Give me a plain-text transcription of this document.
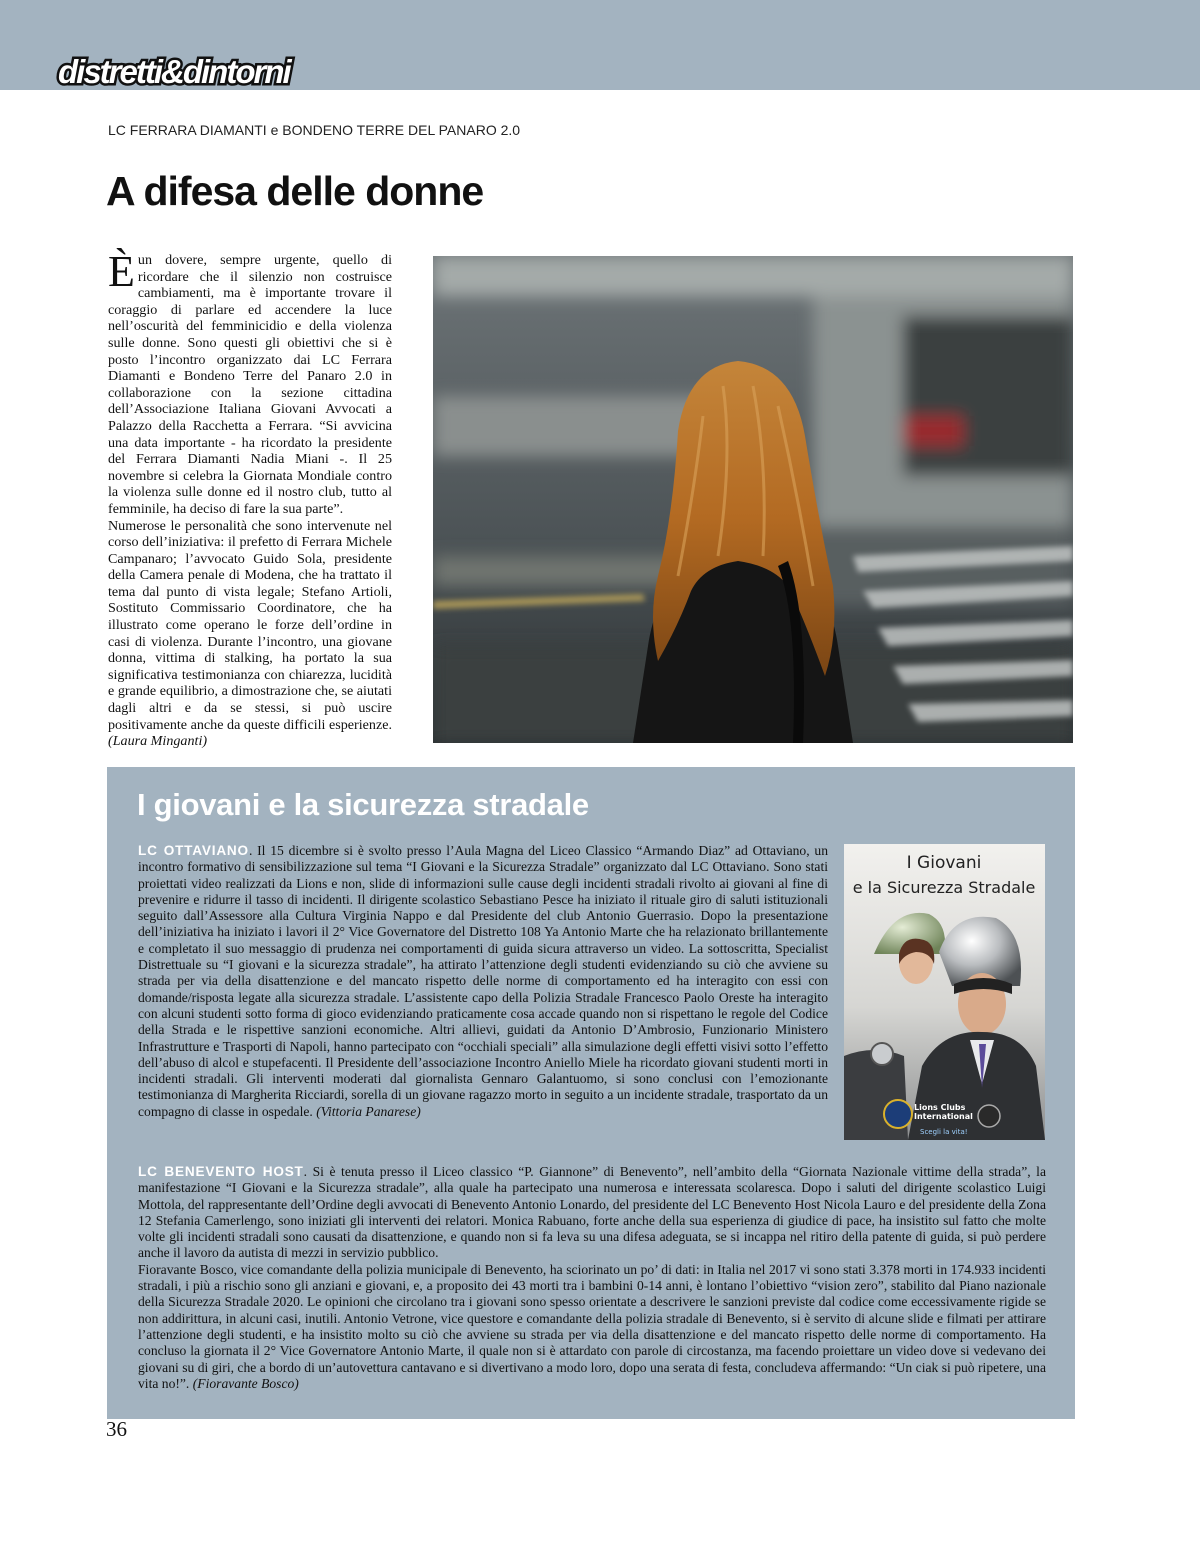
distretti&dintorni
LC FERRARA DIAMANTI e BONDENO TERRE DEL PANARO 2.0
A difesa delle donne

Èun dovere, sempre urgente, quello di ricordare che il silenzio non costruisce cambiamenti, ma è importante trovare il coraggio di parlare ed accendere la luce nell’oscurità del femminicidio e della violenza sulle donne. Sono questi gli obiettivi che si è posto l’incontro organizzato dai LC Ferrara Diamanti e Bondeno Terre del Panaro 2.0 in collaborazione con la sezione cittadina dell’Associazione Italiana Giovani Avvocati a Palazzo della Racchetta a Ferrara. “Si avvicina una data importante - ha ricordato la presidente del Ferrara Diamanti Nadia Miani -. Il 25 novembre si celebra la Giornata Mondiale contro la violenza sulle donne ed il nostro club, tutto al femminile, ha deciso di fare la sua parte”.

Numerose le personalità che sono intervenute nel corso dell’iniziativa: il prefetto di Ferrara Michele Campanaro; l’avvocato Guido Sola, presidente della Camera penale di Modena, che ha trattato il tema dal punto di vista legale; Stefano Artioli, Sostituto Commissario Coordinatore, che ha illustrato come operano le forze dell’ordine in casi di violenza. Durante l’incontro, una giovane donna, vittima di stalking, ha portato la sua significativa testimonianza con chiarezza, lucidità e grande equilibrio, a dimostrazione che, se aiutati dagli altri e da se stessi, si può uscire positivamente anche da queste difficili esperienze. (Laura Minganti)

I giovani e la sicurezza stradale

LC OTTAVIANO. Il 15 dicembre si è svolto presso l’Aula Magna del Liceo Classico “Armando Diaz” ad Ottaviano, un incontro formativo di sensibilizzazione sul tema “I Giovani e la Sicurezza Stradale” organizzato dal LC Ottaviano. Sono stati proiettati video realizzati da Lions e non, slide di informazioni sulle cause degli incidenti stradali rivolto ai giovani al fine di prevenire e ridurre il tasso di incidenti. Il dirigente scolastico Sebastiano Pesce ha iniziato il rituale giro di saluti istituzionali seguito dall’Assessore alla Cultura Virginia Nappo e dal Presidente del club Antonio Guerrasio. Dopo la presentazione dell’iniziativa ha iniziato i lavori il 2° Vice Governatore del Distretto 108 Ya Antonio Marte che ha relazionato brillantemente e completato il suo messaggio di prudenza nei comportamenti di guida sicura attraverso un video. La sottoscritta, Specialist Distrettuale su “I giovani e la sicurezza stradale”, ha attirato l’attenzione degli studenti evidenziando su ciò che avviene su strada per via della disattenzione e del mancato rispetto delle norme di comportamento ed ha interagito con essi con domande/risposta legate alla sicurezza stradale. L’assistente capo della Polizia Stradale Francesco Paolo Oreste ha interagito con alcuni studenti sotto forma di gioco evidenziando praticamente cosa accade quando non si rispettano le regole del Codice della Strada e le rispettive sanzioni economiche. Altri allievi, guidati da Antonio D’Ambrosio, Funzionario Ministero Infrastrutture e Trasporti di Napoli, hanno partecipato con “occhiali speciali” alla simulazione degli effetti visivi sotto l’effetto dell’abuso di alcol e stupefacenti. Il Presidente dell’associazione Incontro Aniello Miele ha ricordato giovani studenti morti in incidenti stradali. Gli interventi moderati dal giornalista Gennaro Galantuomo, si sono conclusi con l’emozionante testimonianza di Margherita Ricciardi, sorella di un giovane ragazzo morto in seguito a un incidente stradale, trasportato da un compagno di classe in ospedale. (Vittoria Panarese)

I Giovani
e la Sicurezza Stradale
Lions Clubs
International
Scegli la vita!

LC BENEVENTO HOST. Si è tenuta presso il Liceo classico “P. Giannone” di Benevento”, nell’ambito della “Giornata Nazionale vittime della strada”, la manifestazione “I Giovani e la Sicurezza stradale”, alla quale ha partecipato una numerosa e interessata scolaresca. Dopo i saluti del dirigente scolastico Luigi Mottola, del rappresentante dell’Ordine degli avvocati di Benevento Antonio Lonardo, del presidente del LC Benevento Host Nicola Lauro e del presidente della Zona 12 Stefania Camerlengo, sono iniziati gli interventi dei relatori. Monica Rabuano, forte anche della sua esperienza di giudice di pace, ha insistito sul fatto che molte volte gli incidenti stradali sono causati da disattenzione, e quando non si fa leva su una difesa adeguata, se si incappa nel ritiro della patente di guida, si può perdere anche il lavoro da autista di mezzi in servizio pubblico.

Fioravante Bosco, vice comandante della polizia municipale di Benevento, ha sciorinato un po’ di dati: in Italia nel 2017 vi sono stati 3.378 morti in 174.933 incidenti stradali, i più a rischio sono gli anziani e giovani, e, a proposito dei 43 morti tra i bambini 0-14 anni, è lontano l’obiettivo “vision zero”, stabilito dal Piano nazionale della Sicurezza Stradale 2020. Le opinioni che circolano tra i giovani sono spesso orientate a descrivere le sanzioni previste dal codice come eccessivamente rigide se non addirittura, in alcuni casi, inutili. Antonio Vetrone, vice questore e comandante della polizia stradale di Benevento, si è servito di alcune slide e filmati per attirare l’attenzione degli studenti, e ha insistito molto su ciò che avviene su strada per via della disattenzione e del mancato rispetto delle norme di comportamento. Ha concluso la giornata il 2° Vice Governatore Antonio Marte, il quale non si è attardato con parole di circostanza, ma facendo proiettare un video dove si vedevano dei giovani su di giri, che a bordo di un’autovettura cantavano e si divertivano a modo loro, dopo una serata di festa, concludeva affermando: “Un ciak si può ripetere, una vita no!”. (Fioravante Bosco)

36
